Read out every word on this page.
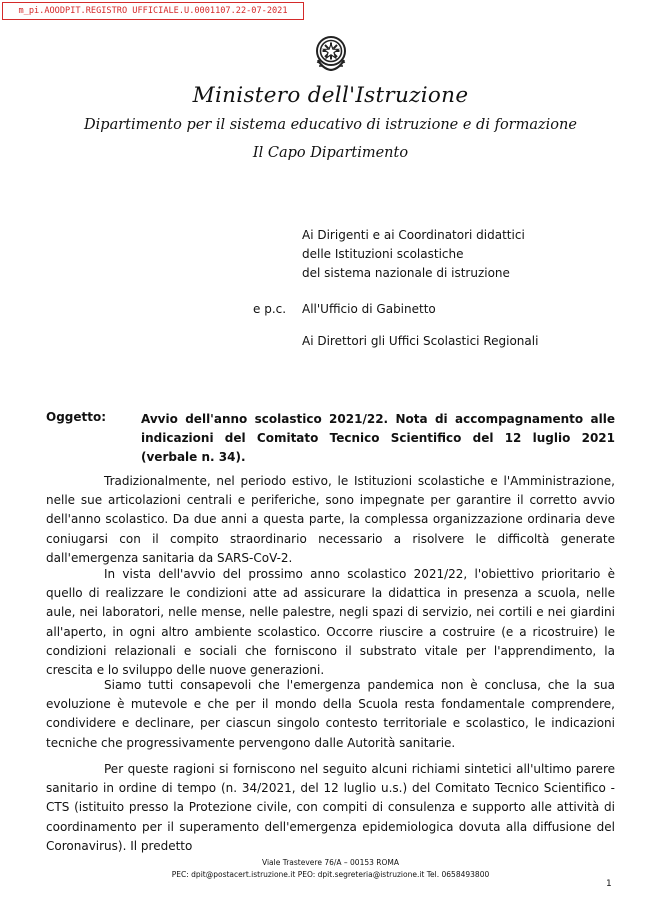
m_pi.AOODPIT.REGISTRO UFFICIALE.U.0001107.22-07-2021
Ministero dell'Istruzione
Dipartimento per il sistema educativo di istruzione e di formazione
Il Capo Dipartimento
Ai Dirigenti e ai Coordinatori didattici
delle Istituzioni scolastiche
del sistema nazionale di istruzione
e p.c. All'Ufficio di Gabinetto
Ai Direttori gli Uffici Scolastici Regionali
Oggetto:	Avvio dell'anno scolastico 2021/22. Nota di accompagnamento alle indicazioni del Comitato Tecnico Scientifico del 12 luglio 2021 (verbale n. 34).

Tradizionalmente, nel periodo estivo, le Istituzioni scolastiche e l'Amministrazione, nelle sue articolazioni centrali e periferiche, sono impegnate per garantire il corretto avvio dell'anno scolastico. Da due anni a questa parte, la complessa organizzazione ordinaria deve coniugarsi con il compito straordinario necessario a risolvere le difficoltà generate dall'emergenza sanitaria da SARS-CoV-2.

In vista dell'avvio del prossimo anno scolastico 2021/22, l'obiettivo prioritario è quello di realizzare le condizioni atte ad assicurare la didattica in presenza a scuola, nelle aule, nei laboratori, nelle mense, nelle palestre, negli spazi di servizio, nei cortili e nei giardini all'aperto, in ogni altro ambiente scolastico. Occorre riuscire a costruire (e a ricostruire) le condizioni relazionali e sociali che forniscono il substrato vitale per l'apprendimento, la crescita e lo sviluppo delle nuove generazioni.

Siamo tutti consapevoli che l'emergenza pandemica non è conclusa, che la sua evoluzione è mutevole e che per il mondo della Scuola resta fondamentale comprendere, condividere e declinare, per ciascun singolo contesto territoriale e scolastico, le indicazioni tecniche che progressivamente pervengono dalle Autorità sanitarie.

Per queste ragioni si forniscono nel seguito alcuni richiami sintetici all'ultimo parere sanitario in ordine di tempo (n. 34/2021, del 12 luglio u.s.) del Comitato Tecnico Scientifico - CTS (istituito presso la Protezione civile, con compiti di consulenza e supporto alle attività di coordinamento per il superamento dell'emergenza epidemiologica dovuta alla diffusione del Coronavirus). Il predetto

Viale Trastevere 76/A – 00153 ROMA
PEC: dpit@postacert.istruzione.it PEO: dpit.segreteria@istruzione.it Tel. 0658493800
1
